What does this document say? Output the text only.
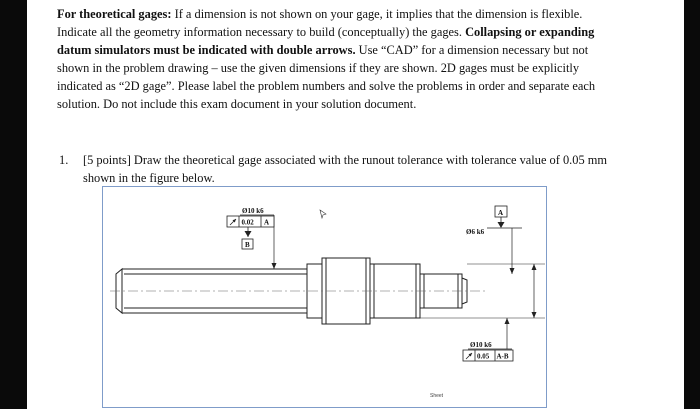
For theoretical gages: If a dimension is not shown on your gage, it implies that the dimension is flexible. Indicate all the geometry information necessary to build (conceptually) the gages. Collapsing or expanding datum simulators must be indicated with double arrows. Use “CAD” for a dimension necessary but not shown in the problem drawing – use the given dimensions if they are shown. 2D gages must be explicitly indicated as “2D gage”. Please label the problem numbers and solve the problems in order and separate each solution. Do not include this exam document in your solution document.

1. [5 points] Draw the theoretical gage associated with the runout tolerance with tolerance value of 0.05 mm shown in the figure below.

Ø10 k6
0.02 A
B
A
Ø6 k6
Ø10 k6
0.05 A-B
Sheet
